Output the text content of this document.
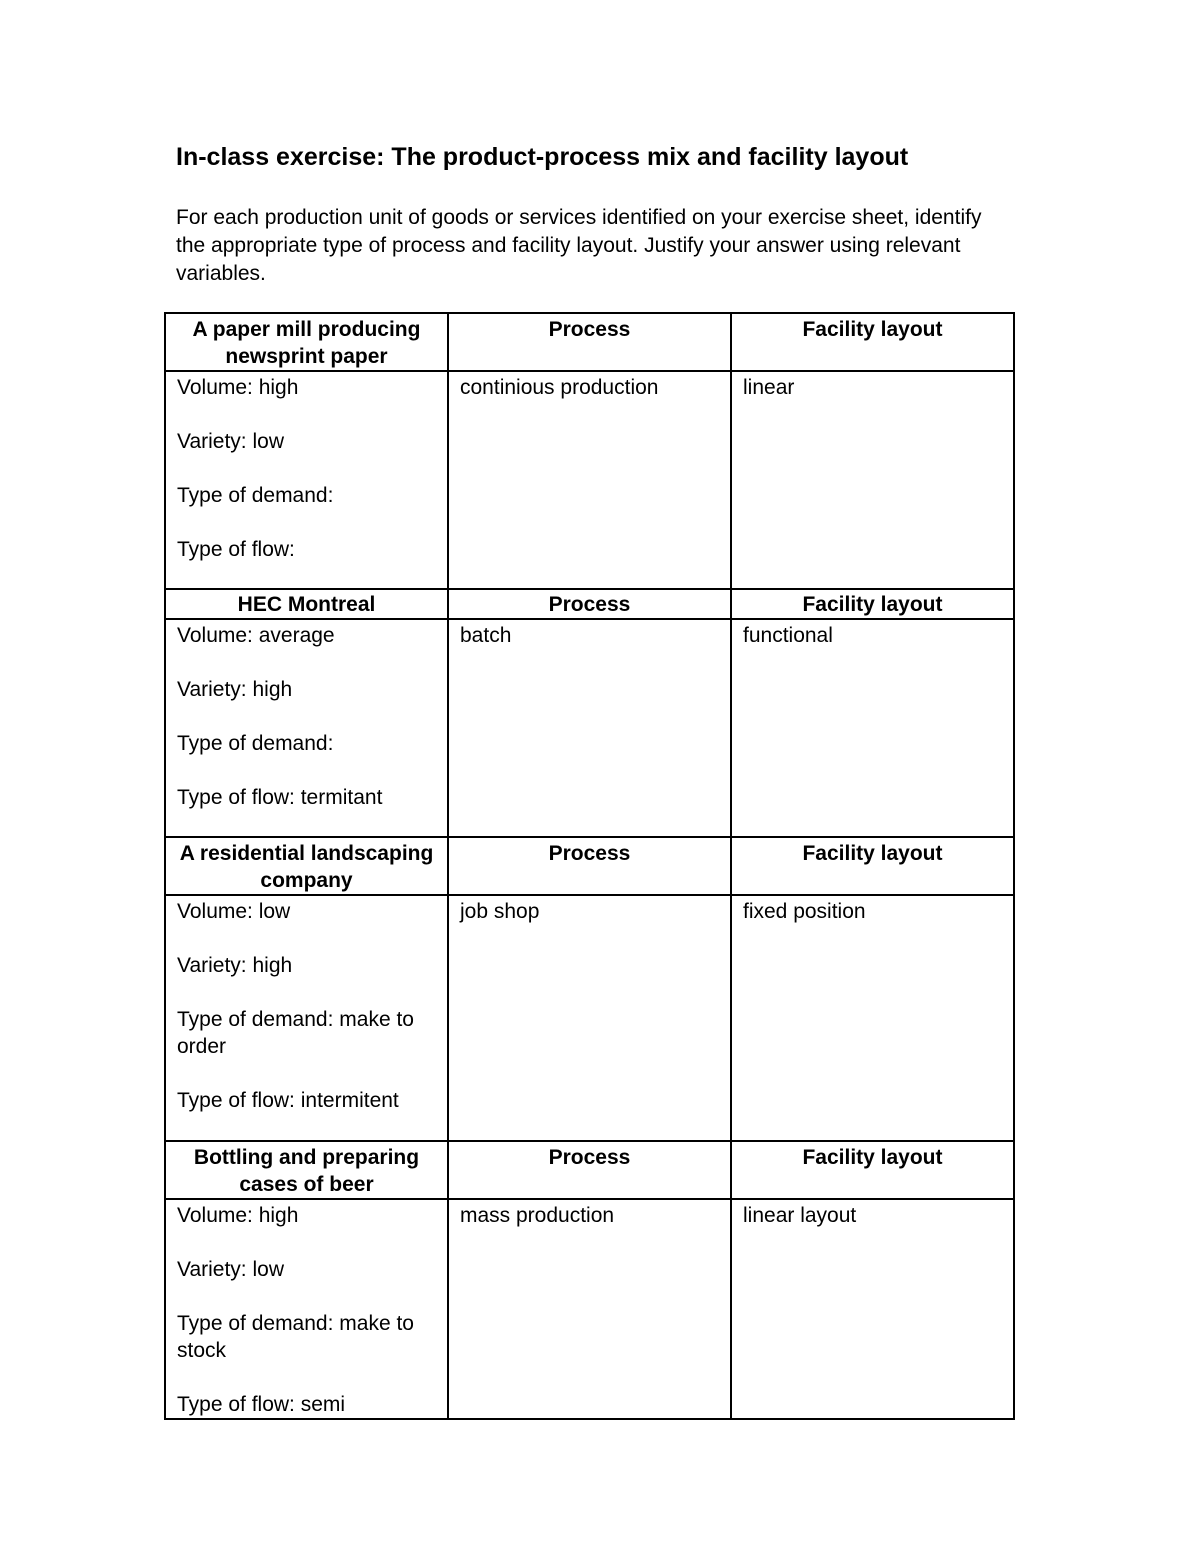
In-class exercise: The product-process mix and facility layout

For each production unit of goods or services identified on your exercise sheet, identify the appropriate type of process and facility layout. Justify your answer using relevant variables.

A paper mill producing newsprint paper	Process	Facility layout

Volume: high
Variety: low
Type of demand:
Type of flow:	continious production	linear
HEC Montreal	Process	Facility layout

Volume: average
Variety: high
Type of demand:
Type of flow: termitant	batch	functional
A residential landscaping company	Process	Facility layout

Volume: low
Variety: high
Type of demand: make to order
Type of flow: intermitent	job shop	fixed position
Bottling and preparing cases of beer	Process	Facility layout

Volume: high
Variety: low
Type of demand: make to stock
Type of flow: semi	mass production	linear layout
